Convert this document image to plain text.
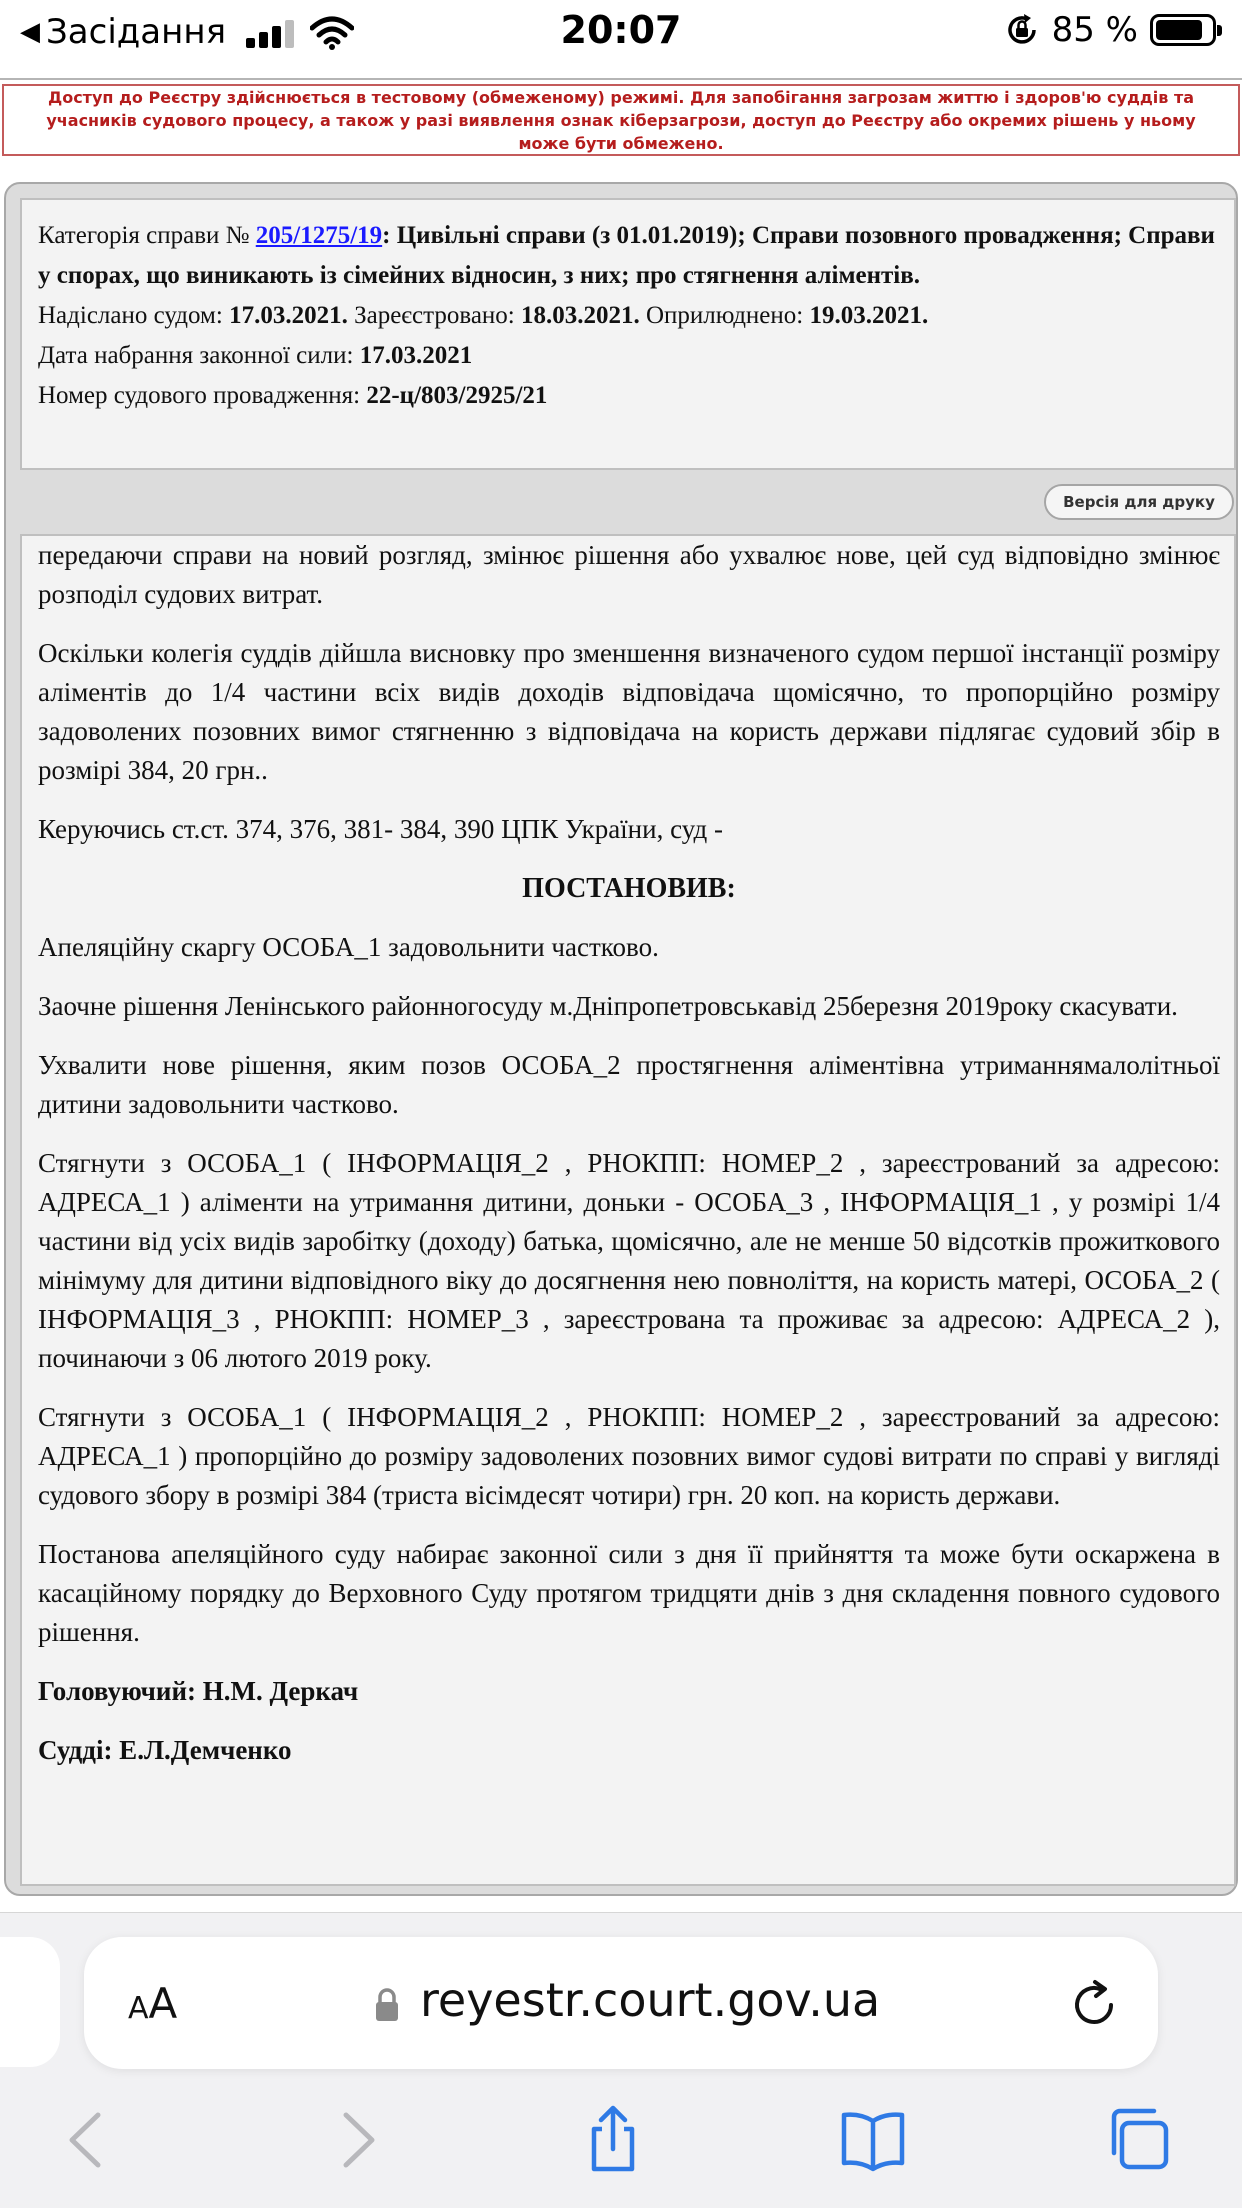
◀ Засідання	20:07	85 %

Доступ до Реєстру здійснюється в тестовому (обмеженому) режимі. Для запобігання загрозам життю і здоров'ю суддів та учасників судового процесу, а також у разі виявлення ознак кіберзагрози, доступ до Реєстру або окремих рішень у ньому може бути обмежено.

Категорія справи № 205/1275/19: Цивільні справи (з 01.01.2019); Справи позовного провадження; Справи у спорах, що виникають із сімейних відносин, з них; про стягнення аліментів.
Надіслано судом: 17.03.2021. Зареєстровано: 18.03.2021. Оприлюднено: 19.03.2021.
Дата набрання законної сили: 17.03.2021
Номер судового провадження: 22-ц/803/2925/21
Версія для друку

передаючи справи на новий розгляд, змінює рішення або ухвалює нове, цей суд відповідно змінює розподіл судових витрат.

Оскільки колегія суддів дійшла висновку про зменшення визначеного судом першої інстанції розміру аліментів до 1/4 частини всіх видів доходів відповідача щомісячно, то пропорційно розміру задоволених позовних вимог стягненню з відповідача на користь держави підлягає судовий збір в розмірі 384, 20 грн..

Керуючись ст.ст. 374, 376, 381- 384, 390 ЦПК України, суд -

ПОСТАНОВИВ:

Апеляційну скаргу ОСОБА_1 задовольнити частково.

Заочне рішення Ленінського районногосуду м.Дніпропетровськавід 25березня 2019року скасувати.

Ухвалити нове рішення, яким позов ОСОБА_2 простягнення аліментівна утриманнямалолітньої дитини задовольнити частково.

Стягнути з ОСОБА_1 ( ІНФОРМАЦІЯ_2 , РНОКПП: НОМЕР_2 , зареєстрований за адресою: АДРЕСА_1 ) аліменти на утримання дитини, доньки - ОСОБА_3 , ІНФОРМАЦІЯ_1 , у розмірі 1/4 частини від усіх видів заробітку (доходу) батька, щомісячно, але не менше 50 відсотків прожиткового мінімуму для дитини відповідного віку до досягнення нею повноліття, на користь матері, ОСОБА_2 ( ІНФОРМАЦІЯ_3 , РНОКПП: НОМЕР_3 , зареєстрована та проживає за адресою: АДРЕСА_2 ), починаючи з 06 лютого 2019 року.

Стягнути з ОСОБА_1 ( ІНФОРМАЦІЯ_2 , РНОКПП: НОМЕР_2 , зареєстрований за адресою: АДРЕСА_1 ) пропорційно до розміру задоволених позовних вимог судові витрати по справі у вигляді судового збору в розмірі 384 (триста вісімдесят чотири) грн. 20 коп. на користь держави.

Постанова апеляційного суду набирає законної сили з дня її прийняття та може бути оскаржена в касаційному порядку до Верховного Суду протягом тридцяти днів з дня складення повного судового рішення.

Головуючий: Н.М. Деркач

Судді: Е.Л.Демченко

AA	reyestr.court.gov.ua
